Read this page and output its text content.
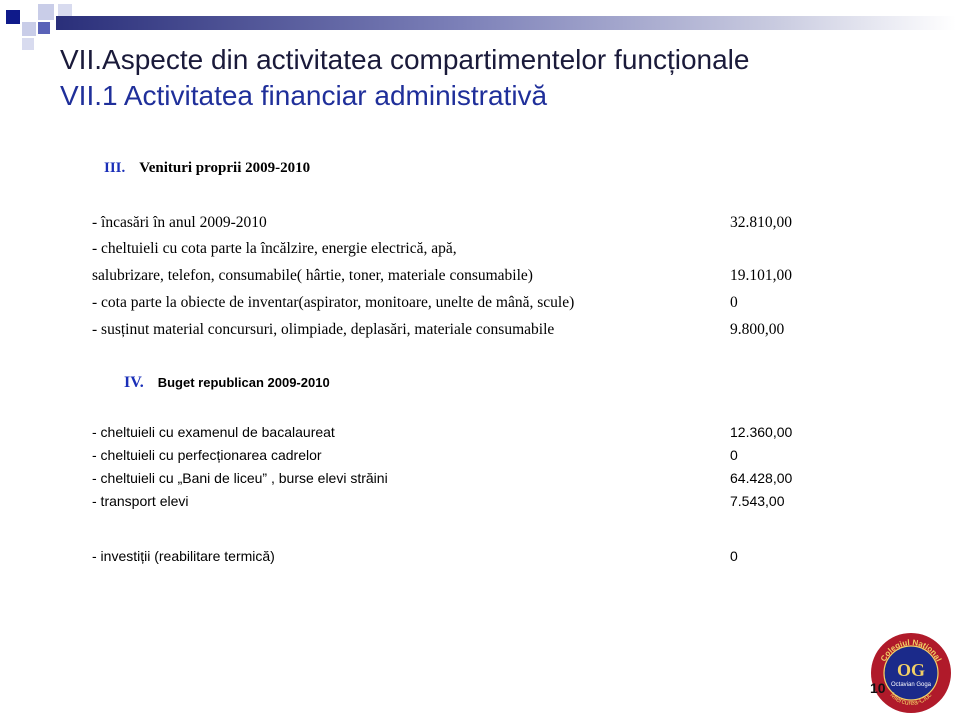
VII.Aspecte din activitatea compartimentelor funcționale
VII.1 Activitatea financiar administrativă
III. Venituri proprii 2009-2010
- încasări în anul 2009-2010	32.810,00
- cheltuieli cu cota parte la încălzire, energie electrică, apă,
salubrizare, telefon, consumabile( hârtie, toner, materiale consumabile)	19.101,00
- cota parte la obiecte de inventar(aspirator, monitoare, unelte de mână, scule)	0
- susținut material concursuri, olimpiade, deplasări, materiale consumabile	9.800,00
IV. Buget republican 2009-2010
- cheltuieli cu examenul de bacalaureat	12.360,00
- cheltuieli cu perfecționarea cadrelor	0
- cheltuieli cu „Bani de liceu” , burse elevi străini	64.428,00
- transport elevi	7.543,00
- investiții (reabilitare termică)	0
Colegiul Național
Miercurea-Ciuc
OG
Octavian Goga
10
